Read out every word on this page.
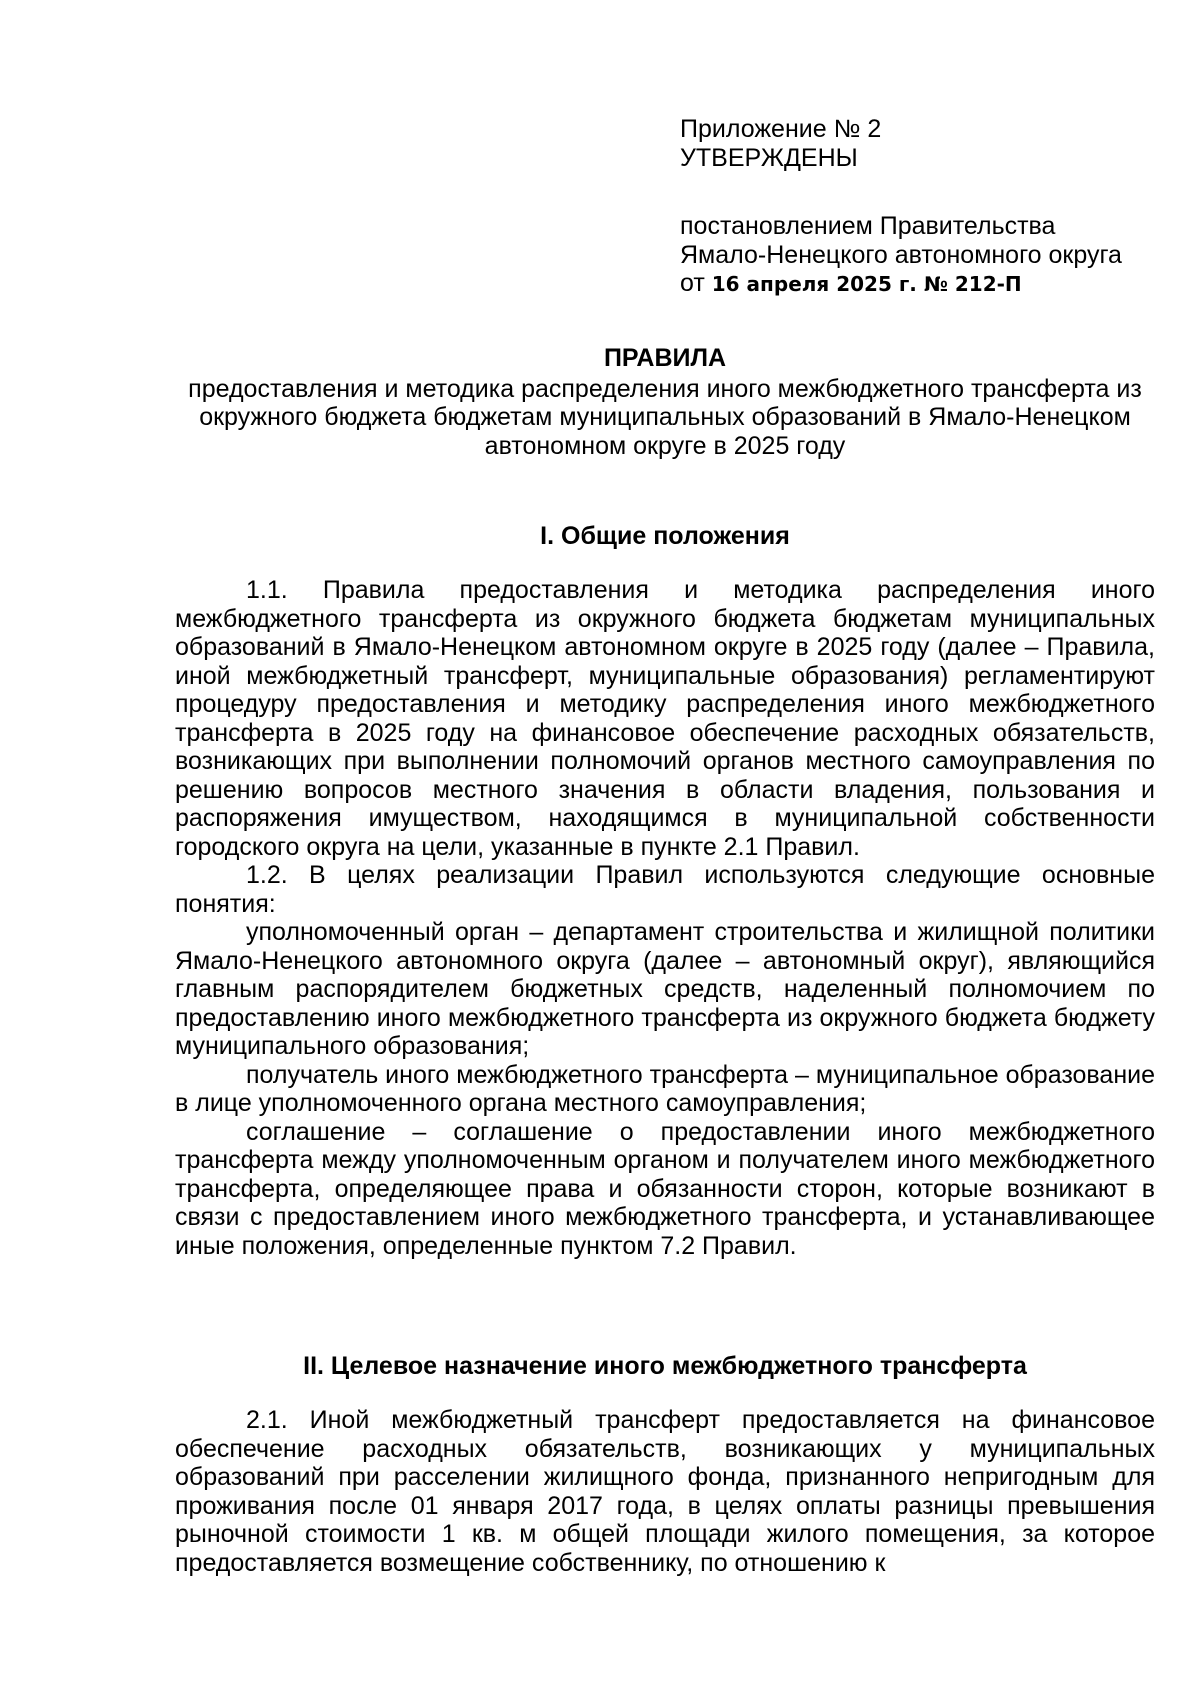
Приложение № 2
УТВЕРЖДЕНЫ
постановлением Правительства
Ямало-Ненецкого автономного округа
от 16 апреля 2025 г. № 212-П
ПРАВИЛА
предоставления и методика распределения иного межбюджетного трансферта из окружного бюджета бюджетам муниципальных образований в Ямало-Ненецком автономном округе в 2025 году
I. Общие положения

1.1. Правила предоставления и методика распределения иного межбюджетного трансферта из окружного бюджета бюджетам муниципальных образований в Ямало-Ненецком автономном округе в 2025 году (далее – Правила, иной межбюджетный трансферт, муниципальные образования) регламентируют процедуру предоставления и методику распределения иного межбюджетного трансферта в 2025 году на финансовое обеспечение расходных обязательств, возникающих при выполнении полномочий органов местного самоуправления по решению вопросов местного значения в области владения, пользования и распоряжения имуществом, находящимся в муниципальной собственности городского округа на цели, указанные в пункте 2.1 Правил.

1.2. В целях реализации Правил используются следующие основные понятия:

уполномоченный орган – департамент строительства и жилищной политики Ямало-Ненецкого автономного округа (далее – автономный округ), являющийся главным распорядителем бюджетных средств, наделенный полномочием по предоставлению иного межбюджетного трансферта из окружного бюджета бюджету муниципального образования;

получатель иного межбюджетного трансферта – муниципальное образование в лице уполномоченного органа местного самоуправления;

соглашение – соглашение о предоставлении иного межбюджетного трансферта между уполномоченным органом и получателем иного межбюджетного трансферта, определяющее права и обязанности сторон, которые возникают в связи с предоставлением иного межбюджетного трансферта, и устанавливающее иные положения, определенные пунктом 7.2 Правил.

II. Целевое назначение иного межбюджетного трансферта

2.1. Иной межбюджетный трансферт предоставляется на финансовое обеспечение расходных обязательств, возникающих у муниципальных образований при расселении жилищного фонда, признанного непригодным для проживания после 01 января 2017 года, в целях оплаты разницы превышения рыночной стоимости 1 кв. м общей площади жилого помещения, за которое предоставляется возмещение собственнику, по отношению к
